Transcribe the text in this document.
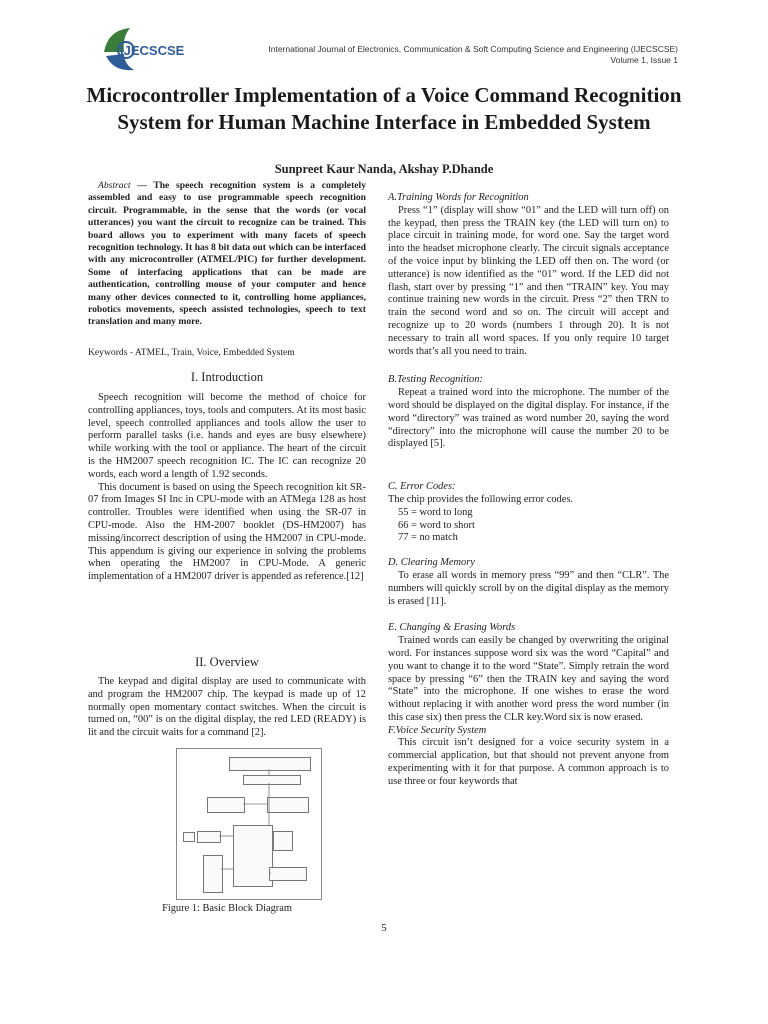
IJECSCSE	International Journal of Electronics, Communication & Soft Computing Science and Engineering (IJECSCSE)
Volume 1, Issue 1
Microcontroller Implementation of a Voice Command Recognition System for Human Machine Interface in Embedded System
Sunpreet Kaur Nanda, Akshay P.Dhande

Abstract — The speech recognition system is a completely assembled and easy to use programmable speech recognition circuit. Programmable, in the sense that the words (or vocal utterances) you want the circuit to recognize can be trained. This board allows you to experiment with many facets of speech recognition technology. It has 8 bit data out which can be interfaced with any microcontroller (ATMEL/PIC) for further development. Some of interfacing applications that can be made are authentication, controlling mouse of your computer and hence many other devices connected to it, controlling home appliances, robotics movements, speech assisted technologies, speech to text translation and many more.

Keywords - ATMEL, Train, Voice, Embedded System
I. Introduction

Speech recognition will become the method of choice for controlling appliances, toys, tools and computers. At its most basic level, speech controlled appliances and tools allow the user to perform parallel tasks (i.e. hands and eyes are busy elsewhere) while working with the tool or appliance. The heart of the circuit is the HM2007 speech recognition IC. The IC can recognize 20 words, each word a length of 1.92 seconds.

This document is based on using the Speech recognition kit SR-07 from Images SI Inc in CPU-mode with an ATMega 128 as host controller. Troubles were identified when using the SR-07 in CPU-mode. Also the HM-2007 booklet (DS-HM2007) has missing/incorrect description of using the HM2007 in CPU-mode. This appendum is giving our experience in solving the problems when operating the HM2007 in CPU-Mode. A generic implementation of a HM2007 driver is appended as reference.[12]

II. Overview

The keypad and digital display are used to communicate with and program the HM2007 chip. The keypad is made up of 12 normally open momentary contact switches. When the circuit is turned on, “00” is on the digital display, the red LED (READY) is lit and the circuit waits for a command [2].

Figure 1: Basic Block Diagram

A.Training Words for Recognition

Press “1” (display will show “01” and the LED will turn off) on the keypad, then press the TRAIN key (the LED will turn on) to place circuit in training mode, for word one. Say the target word into the headset microphone clearly. The circuit signals acceptance of the voice input by blinking the LED off then on. The word (or utterance) is now identified as the “01” word. If the LED did not flash, start over by pressing “1” and then “TRAIN” key. You may continue training new words in the circuit. Press “2” then TRN to train the second word and so on. The circuit will accept and recognize up to 20 words (numbers 1 through 20). It is not necessary to train all word spaces. If you only require 10 target words that’s all you need to train.

B.Testing Recognition:

Repeat a trained word into the microphone. The number of the word should be displayed on the digital display. For instance, if the word “directory” was trained as word number 20, saying the word “directory” into the microphone will cause the number 20 to be displayed [5].

C. Error Codes:

The chip provides the following error codes.

55 = word to long
66 = word to short
77 = no match

D. Clearing Memory

To erase all words in memory press “99” and then “CLR”. The numbers will quickly scroll by on the digital display as the memory is erased [11].

E. Changing & Erasing Words

Trained words can easily be changed by overwriting the original word. For instances suppose word six was the word “Capital” and you want to change it to the word “State”. Simply retrain the word space by pressing “6” then the TRAIN key and saying the word “State” into the microphone. If one wishes to erase the word without replacing it with another word press the word number (in this case six) then press the CLR key.Word six is now erased.

F.Voice Security System

This circuit isn’t designed for a voice security system in a commercial application, but that should not prevent anyone from experimenting with it for that purpose. A common approach is to use three or four keywords that

5
